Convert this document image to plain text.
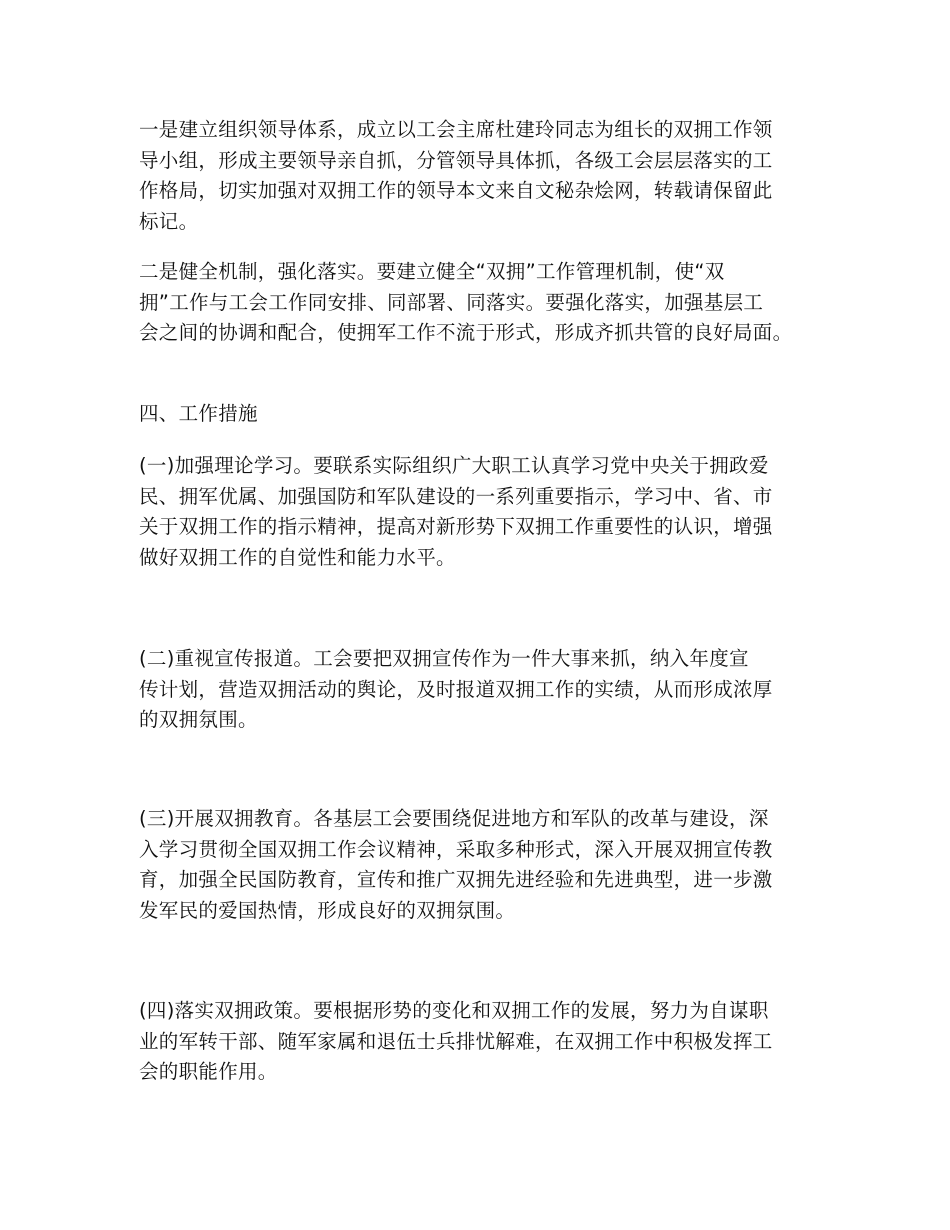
一是建立组织领导体系，成立以工会主席杜建玲同志为组长的双拥工作领
导小组，形成主要领导亲自抓，分管领导具体抓，各级工会层层落实的工
作格局，切实加强对双拥工作的领导本文来自文秘杂烩网，转载请保留此
标记。

二是健全机制，强化落实。要建立健全“双拥”工作管理机制，使“双
拥”工作与工会工作同安排、同部署、同落实。要强化落实，加强基层工
会之间的协调和配合，使拥军工作不流于形式，形成齐抓共管的良好局面。

四、工作措施

(一)加强理论学习。要联系实际组织广大职工认真学习党中央关于拥政爱
民、拥军优属、加强国防和军队建设的一系列重要指示，学习中、省、市
关于双拥工作的指示精神，提高对新形势下双拥工作重要性的认识，增强
做好双拥工作的自觉性和能力水平。

(二)重视宣传报道。工会要把双拥宣传作为一件大事来抓，纳入年度宣
传计划，营造双拥活动的舆论，及时报道双拥工作的实绩，从而形成浓厚
的双拥氛围。

(三)开展双拥教育。各基层工会要围绕促进地方和军队的改革与建设，深
入学习贯彻全国双拥工作会议精神，采取多种形式，深入开展双拥宣传教
育，加强全民国防教育，宣传和推广双拥先进经验和先进典型，进一步激
发军民的爱国热情，形成良好的双拥氛围。

(四)落实双拥政策。要根据形势的变化和双拥工作的发展，努力为自谋职
业的军转干部、随军家属和退伍士兵排忧解难，在双拥工作中积极发挥工
会的职能作用。
